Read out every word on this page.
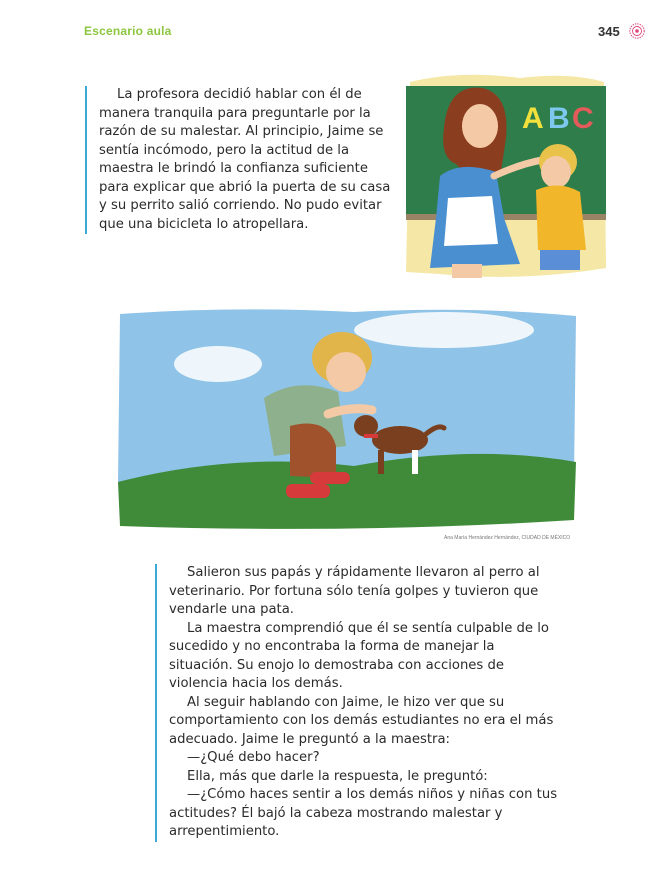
Escenario aula	345

La profesora decidió hablar con él de manera tranquila para preguntarle por la razón de su malestar. Al principio, Jaime se sentía incómodo, pero la actitud de la maestra le brindó la confianza suficiente para explicar que abrió la puerta de su casa y su perrito salió corriendo. No pudo evitar que una bicicleta lo atropellara.

A B C
Ana María Hernández Hernández, CIUDAD DE MÉXICO

Salieron sus papás y rápidamente llevaron al perro al veterinario. Por fortuna sólo tenía golpes y tuvieron que vendarle una pata.

La maestra comprendió que él se sentía culpable de lo sucedido y no encontraba la forma de manejar la situación. Su enojo lo demostraba con acciones de violencia hacia los demás.

Al seguir hablando con Jaime, le hizo ver que su comportamiento con los demás estudiantes no era el más adecuado. Jaime le preguntó a la maestra:

—¿Qué debo hacer?

Ella, más que darle la respuesta, le preguntó:

—¿Cómo haces sentir a los demás niños y niñas con tus actitudes? Él bajó la cabeza mostrando malestar y arrepentimiento.
